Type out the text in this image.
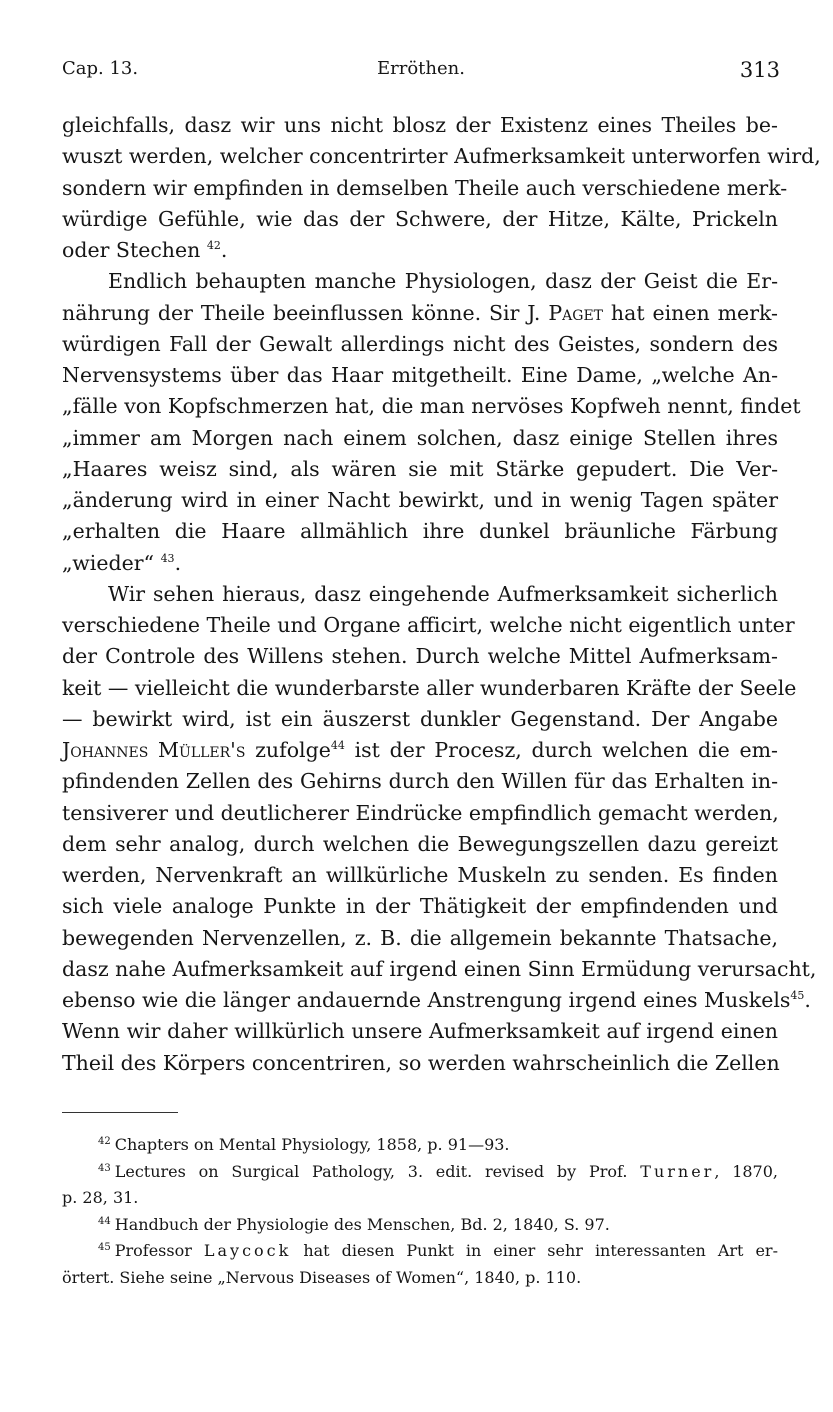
Cap. 13.	Erröthen.	313
gleichfalls, dasz wir uns nicht blosz der Existenz eines Theiles be-
wuszt werden, welcher concentrirter Aufmerksamkeit unterworfen wird,
sondern wir empfinden in demselben Theile auch verschiedene merk-
würdige Gefühle, wie das der Schwere, der Hitze, Kälte, Prickeln
oder Stechen $^{42}$.
Endlich behaupten manche Physiologen, dasz der Geist die Er-
nährung der Theile beeinflussen könne. Sir J. Paget hat einen merk-
würdigen Fall der Gewalt allerdings nicht des Geistes, sondern des
Nervensystems über das Haar mitgetheilt. Eine Dame, „welche An-
„fälle von Kopfschmerzen hat, die man nervöses Kopfweh nennt, findet
„immer am Morgen nach einem solchen, dasz einige Stellen ihres
„Haares weisz sind, als wären sie mit Stärke gepudert. Die Ver-
„änderung wird in einer Nacht bewirkt, und in wenig Tagen später
„erhalten die Haare allmählich ihre dunkel bräunliche Färbung
„wieder“ $^{43}$.
Wir sehen hieraus, dasz eingehende Aufmerksamkeit sicherlich
verschiedene Theile und Organe afficirt, welche nicht eigentlich unter
der Controle des Willens stehen. Durch welche Mittel Aufmerksam-
keit — vielleicht die wunderbarste aller wunderbaren Kräfte der Seele
— bewirkt wird, ist ein äuszerst dunkler Gegenstand. Der Angabe
Johannes Müller's zufolge$^{44}$ ist der Procesz, durch welchen die em-
pfindenden Zellen des Gehirns durch den Willen für das Erhalten in-
tensiverer und deutlicherer Eindrücke empfindlich gemacht werden,
dem sehr analog, durch welchen die Bewegungszellen dazu gereizt
werden, Nervenkraft an willkürliche Muskeln zu senden. Es finden
sich viele analoge Punkte in der Thätigkeit der empfindenden und
bewegenden Nervenzellen, z. B. die allgemein bekannte Thatsache,
dasz nahe Aufmerksamkeit auf irgend einen Sinn Ermüdung verursacht,
ebenso wie die länger andauernde Anstrengung irgend eines Muskels$^{45}$.
Wenn wir daher willkürlich unsere Aufmerksamkeit auf irgend einen
Theil des Körpers concentriren, so werden wahrscheinlich die Zellen
$^{42}$ Chapters on Mental Physiology, 1858, p. 91—93.
$^{43}$ Lectures on Surgical Pathology, 3. edit. revised by Prof. Turner, 1870,
p. 28, 31.
$^{44}$ Handbuch der Physiologie des Menschen, Bd. 2, 1840, S. 97.
$^{45}$ Professor Laycock hat diesen Punkt in einer sehr interessanten Art er-
örtert. Siehe seine „Nervous Diseases of Women“, 1840, p. 110.
